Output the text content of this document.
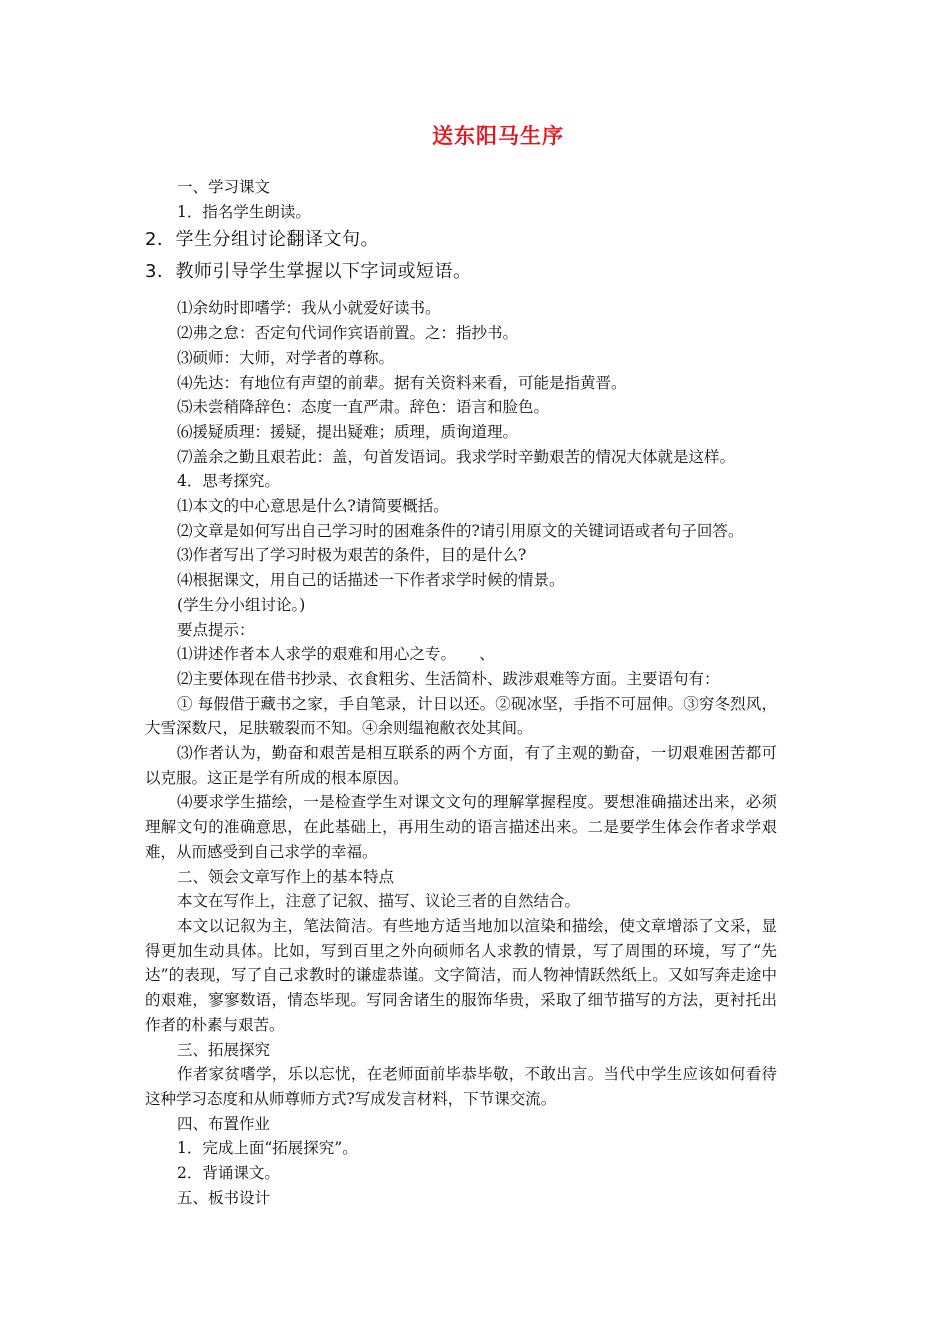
送东阳马生序
一、学习课文
1．指名学生朗读。
2．学生分组讨论翻译文句。
3．教师引导学生掌握以下字词或短语。
⑴余幼时即嗜学：我从小就爱好读书。
⑵弗之怠：否定句代词作宾语前置。之：指抄书。
⑶硕师：大师，对学者的尊称。
⑷先达：有地位有声望的前辈。据有关资料来看，可能是指黄晋。
⑸未尝稍降辞色：态度一直严肃。辞色：语言和脸色。
⑹援疑质理：援疑，提出疑难；质理，质询道理。
⑺盖余之勤且艰若此：盖，句首发语词。我求学时辛勤艰苦的情况大体就是这样。
4．思考探究。
⑴本文的中心意思是什么?请简要概括。
⑵文章是如何写出自己学习时的困难条件的?请引用原文的关键词语或者句子回答。
⑶作者写出了学习时极为艰苦的条件，目的是什么?
⑷根据课文，用自己的话描述一下作者求学时候的情景。
(学生分小组讨论。)
要点提示：
⑴讲述作者本人求学的艰难和用心之专。　　、
⑵主要体现在借书抄录、衣食粗劣、生活简朴、跋涉艰难等方面。主要语句有：
① 每假借于藏书之家，手自笔录，计日以还。②砚冰坚，手指不可屈伸。③穷冬烈风，大雪深数尺，足肤皲裂而不知。④余则缊袍敝衣处其间。
⑶作者认为，勤奋和艰苦是相互联系的两个方面，有了主观的勤奋，一切艰难困苦都可以克服。这正是学有所成的根本原因。
⑷要求学生描绘，一是检查学生对课文文句的理解掌握程度。要想准确描述出来，必须理解文句的准确意思，在此基础上，再用生动的语言描述出来。二是要学生体会作者求学艰难，从而感受到自己求学的幸福。
二、领会文章写作上的基本特点
本文在写作上，注意了记叙、描写、议论三者的自然结合。
本文以记叙为主，笔法简洁。有些地方适当地加以渲染和描绘，使文章增添了文采，显得更加生动具体。比如，写到百里之外向硕师名人求教的情景，写了周围的环境，写了“先达”的表现，写了自己求教时的谦虚恭谨。文字简洁，而人物神情跃然纸上。又如写奔走途中的艰难，寥寥数语，情态毕现。写同舍诸生的服饰华贵，采取了细节描写的方法，更衬托出作者的朴素与艰苦。
三、拓展探究
作者家贫嗜学，乐以忘忧，在老师面前毕恭毕敬，不敢出言。当代中学生应该如何看待这种学习态度和从师尊师方式?写成发言材料，下节课交流。
四、布置作业
1．完成上面“拓展探究”。
2．背诵课文。
五、板书设计
